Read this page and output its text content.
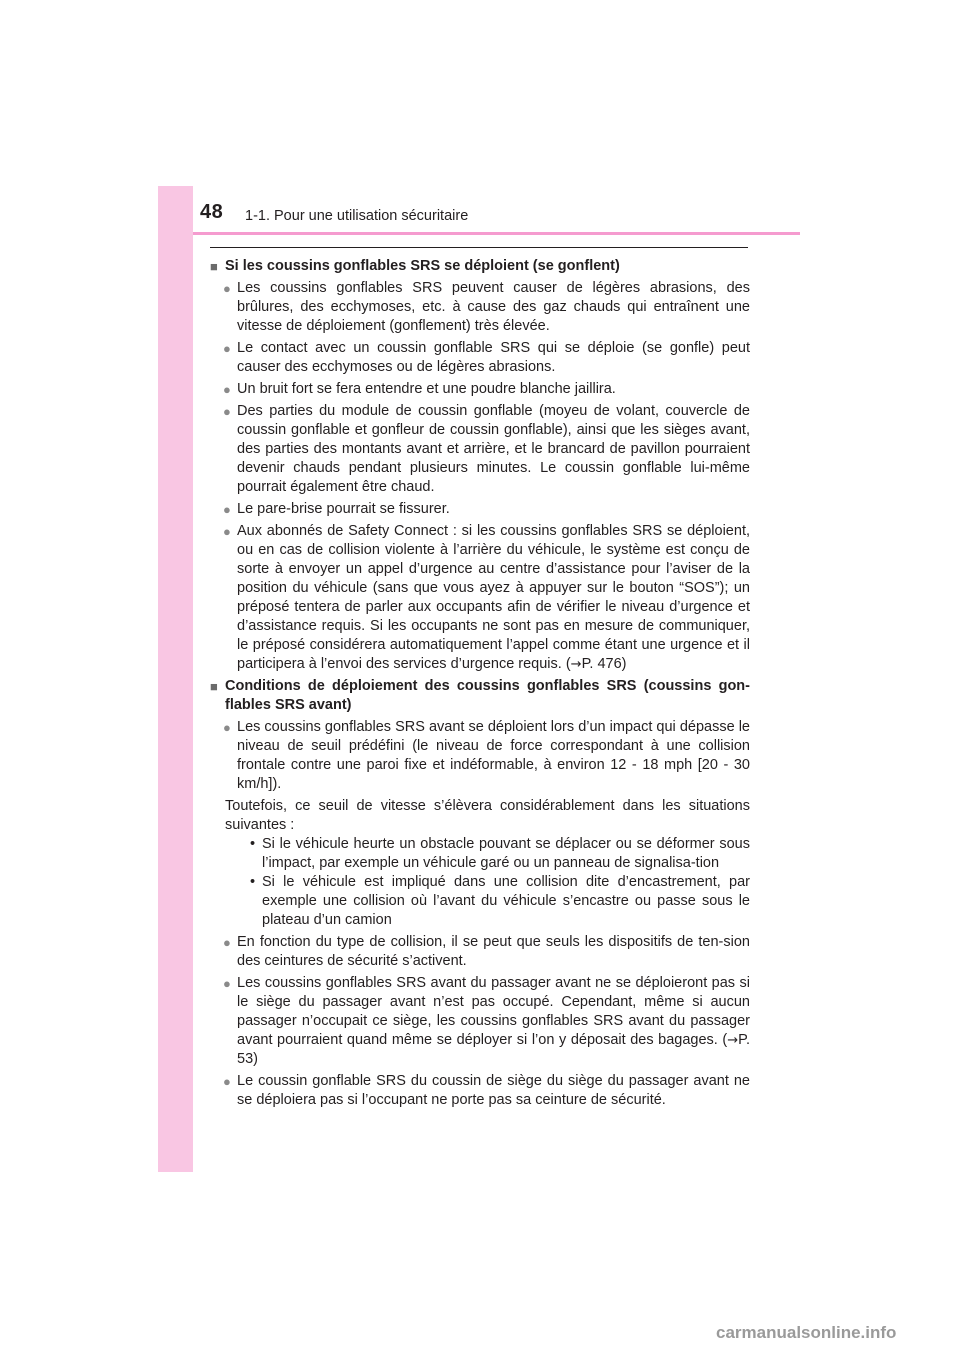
48 1-1. Pour une utilisation sécuritaire
■ Si les coussins gonflables SRS se déploient (se gonflent)
● Les coussins gonflables SRS peuvent causer de légères abrasions, des brûlures, des ecchymoses, etc. à cause des gaz chauds qui entraînent une vitesse de déploiement (gonflement) très élevée.
● Le contact avec un coussin gonflable SRS qui se déploie (se gonfle) peut causer des ecchymoses ou de légères abrasions.
● Un bruit fort se fera entendre et une poudre blanche jaillira.
● Des parties du module de coussin gonflable (moyeu de volant, couvercle de coussin gonflable et gonfleur de coussin gonflable), ainsi que les sièges avant, des parties des montants avant et arrière, et le brancard de pavillon pourraient devenir chauds pendant plusieurs minutes. Le coussin gonflable lui-même pourrait également être chaud.
● Le pare-brise pourrait se fissurer.
● Aux abonnés de Safety Connect : si les coussins gonflables SRS se déploient, ou en cas de collision violente à l’arrière du véhicule, le système est conçu de sorte à envoyer un appel d’urgence au centre d’assistance pour l’aviser de la position du véhicule (sans que vous ayez à appuyer sur le bouton “SOS”); un préposé tentera de parler aux occupants afin de vérifier le niveau d’urgence et d’assistance requis. Si les occupants ne sont pas en mesure de communiquer, le préposé considérera automatiquement l’appel comme étant une urgence et il participera à l’envoi des services d’urgence requis. (→P. 476)
■ Conditions de déploiement des coussins gonflables SRS (coussins gon-flables SRS avant)
● Les coussins gonflables SRS avant se déploient lors d’un impact qui dépasse le niveau de seuil prédéfini (le niveau de force correspondant à une collision frontale contre une paroi fixe et indéformable, à environ 12 - 18 mph [20 - 30 km/h]).
Toutefois, ce seuil de vitesse s’élèvera considérablement dans les situations suivantes :
• Si le véhicule heurte un obstacle pouvant se déplacer ou se déformer sous l’impact, par exemple un véhicule garé ou un panneau de signalisa-tion
• Si le véhicule est impliqué dans une collision dite d’encastrement, par exemple une collision où l’avant du véhicule s’encastre ou passe sous le plateau d’un camion
● En fonction du type de collision, il se peut que seuls les dispositifs de ten-sion des ceintures de sécurité s’activent.
● Les coussins gonflables SRS avant du passager avant ne se déploieront pas si le siège du passager avant n’est pas occupé. Cependant, même si aucun passager n’occupait ce siège, les coussins gonflables SRS avant du passager avant pourraient quand même se déployer si l’on y déposait des bagages. (→P. 53)
● Le coussin gonflable SRS du coussin de siège du siège du passager avant ne se déploiera pas si l’occupant ne porte pas sa ceinture de sécurité.
carmanualsonline.info
